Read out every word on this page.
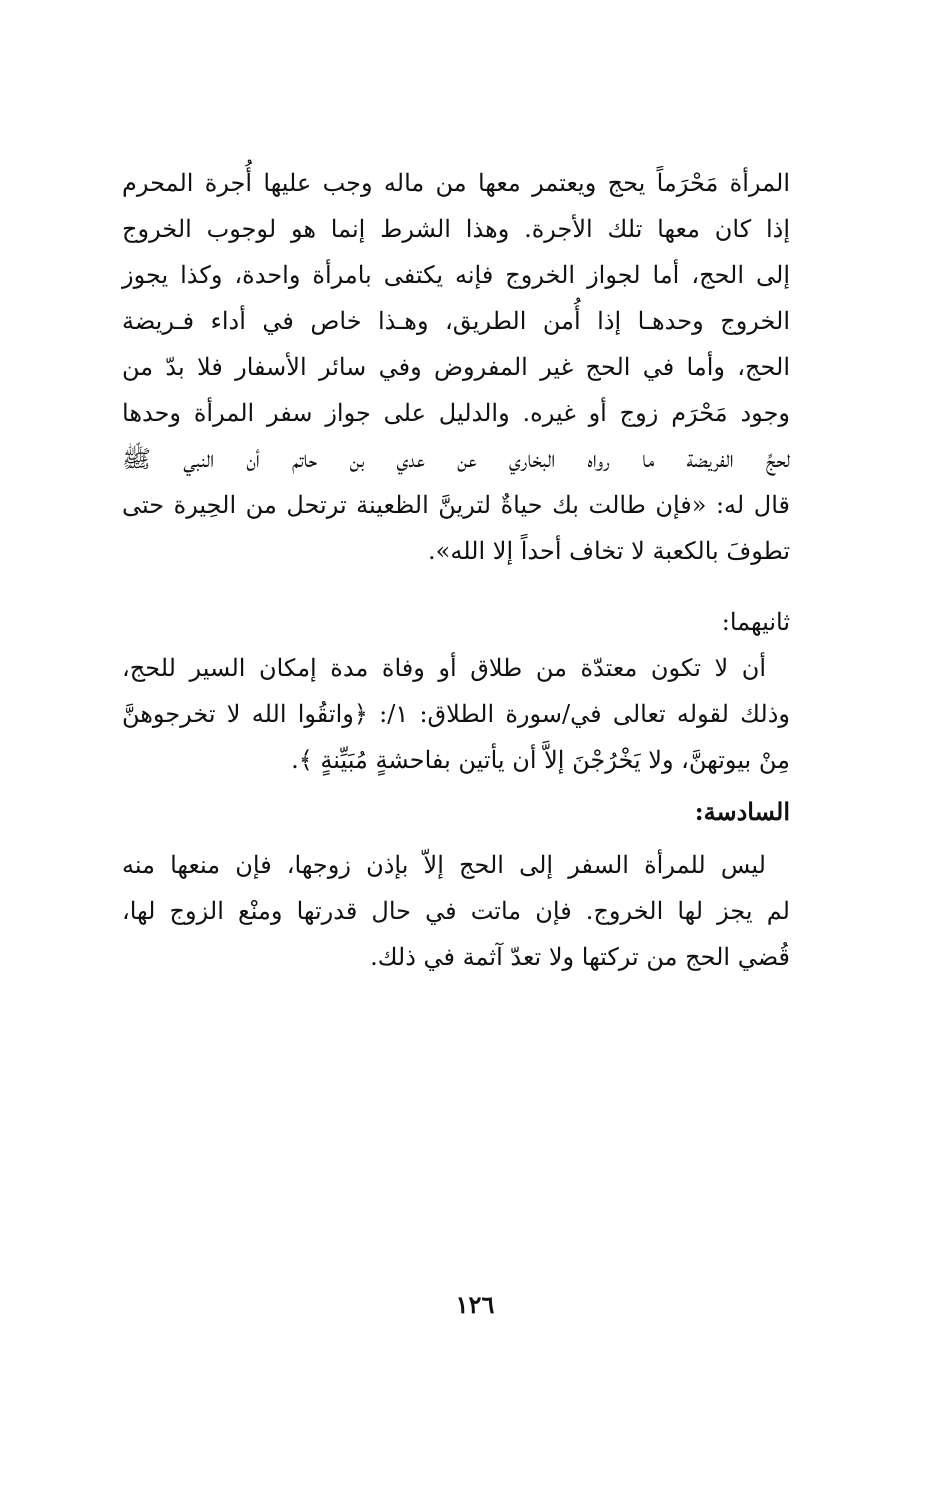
المرأة مَحْرَماً يحج ويعتمر معها من ماله وجب عليها أُجرة المحرم
إذا كان معها تلك الأجرة. وهذا الشرط إنما هو لوجوب الخروج
إلى الحج، أما لجواز الخروج فإنه يكتفى بامرأة واحدة، وكذا يجوز
الخروج وحدهـا إذا أُمن الطريق، وهـذا خاص في أداء فـريضة
الحج، وأما في الحج غير المفروض وفي سائر الأسفار فلا بدّ من
وجود مَحْرَم زوج أو غيره. والدليل على جواز سفر المرأة وحدها
لحجِّ الفريضة ما رواه البخاري عن عدي بن حاتم أن النبي ﷺ
قال له: «فإن طالت بك حياةٌ لترينَّ الظعينة ترتحل من الحِيرة حتى
تطوفَ بالكعبة لا تخاف أحداً إلا الله».

ثانيهما:

أن لا تكون معتدّة من طلاق أو وفاة مدة إمكان السير للحج،
وذلك لقوله تعالى في/سورة الطلاق: ١/: ﴿واتقُوا الله لا تخرجوهنَّ
مِنْ بيوتهنَّ، ولا يَخْرُجْنَ إلاَّ أن يأتين بفاحشةٍ مُبَيِّنةٍ ﴾.

السادسة:

ليس للمرأة السفر إلى الحج إلاّ بإذن زوجها، فإن منعها منه
لم يجز لها الخروج. فإن ماتت في حال قدرتها ومنْع الزوج لها،
قُضي الحج من تركتها ولا تعدّ آثمة في ذلك.

١٢٦
